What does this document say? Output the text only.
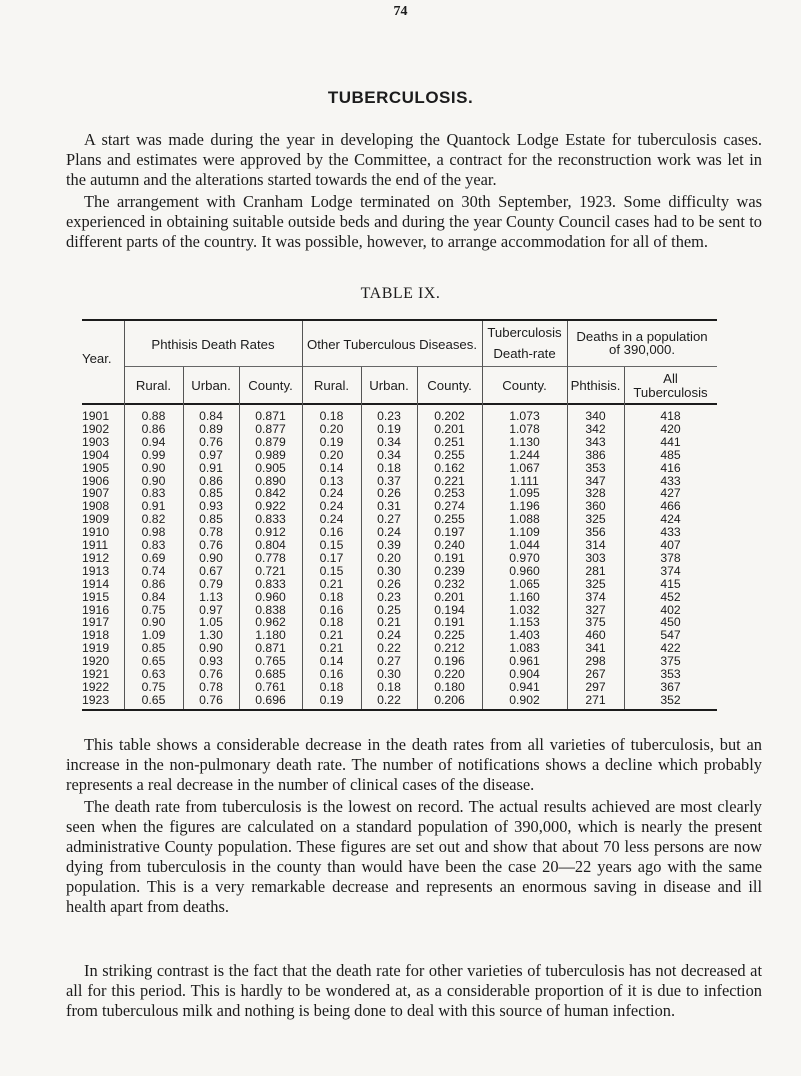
74
TUBERCULOSIS.

A start was made during the year in developing the Quantock Lodge Estate for tuberculosis cases. Plans and estimates were approved by the Committee, a contract for the reconstruction work was let in the autumn and the alterations started towards the end of the year.

The arrangement with Cranham Lodge terminated on 30th September, 1923. Some difficulty was experienced in obtaining suitable outside beds and during the year County Council cases had to be sent to different parts of the country. It was possible, however, to arrange accommodation for all of them.

TABLE IX.
Year.
Phthisis Death Rates	Other Tuberculous Diseases.
Tuberculosis
Death-rate
Deaths in a population
of 390,000.
Rural.	Urban.	County.	Rural.	Urban.	County.	County.	Phthisis.	All
Tuberculosis
1901	0.88	0.84	0.871	0.18	0.23	0.202	1.073	340	418
1902	0.86	0.89	0.877	0.20	0.19	0.201	1.078	342	420
1903	0.94	0.76	0.879	0.19	0.34	0.251	1.130	343	441
1904	0.99	0.97	0.989	0.20	0.34	0.255	1.244	386	485
1905	0.90	0.91	0.905	0.14	0.18	0.162	1.067	353	416
1906	0.90	0.86	0.890	0.13	0.37	0.221	1.111	347	433
1907	0.83	0.85	0.842	0.24	0.26	0.253	1.095	328	427
1908	0.91	0.93	0.922	0.24	0.31	0.274	1.196	360	466
1909	0.82	0.85	0.833	0.24	0.27	0.255	1.088	325	424
1910	0.98	0.78	0.912	0.16	0.24	0.197	1.109	356	433
1911	0.83	0.76	0.804	0.15	0.39	0.240	1.044	314	407
1912	0.69	0.90	0.778	0.17	0.20	0.191	0.970	303	378
1913	0.74	0.67	0.721	0.15	0.30	0.239	0.960	281	374
1914	0.86	0.79	0.833	0.21	0.26	0.232	1.065	325	415
1915	0.84	1.13	0.960	0.18	0.23	0.201	1.160	374	452
1916	0.75	0.97	0.838	0.16	0.25	0.194	1.032	327	402
1917	0.90	1.05	0.962	0.18	0.21	0.191	1.153	375	450
1918	1.09	1.30	1.180	0.21	0.24	0.225	1.403	460	547
1919	0.85	0.90	0.871	0.21	0.22	0.212	1.083	341	422
1920	0.65	0.93	0.765	0.14	0.27	0.196	0.961	298	375
1921	0.63	0.76	0.685	0.16	0.30	0.220	0.904	267	353
1922	0.75	0.78	0.761	0.18	0.18	0.180	0.941	297	367
1923	0.65	0.76	0.696	0.19	0.22	0.206	0.902	271	352

This table shows a considerable decrease in the death rates from all varieties of tuberculosis, but an increase in the non-pulmonary death rate. The number of notifications shows a decline which probably represents a real decrease in the number of clinical cases of the disease.

The death rate from tuberculosis is the lowest on record. The actual results achieved are most clearly seen when the figures are calculated on a standard population of 390,000, which is nearly the present administrative County population. These figures are set out and show that about 70 less persons are now dying from tuberculosis in the county than would have been the case 20—22 years ago with the same population. This is a very remarkable decrease and represents an enormous saving in disease and ill health apart from deaths.

In striking contrast is the fact that the death rate for other varieties of tuberculosis has not decreased at all for this period. This is hardly to be wondered at, as a considerable proportion of it is due to infection from tuberculous milk and nothing is being done to deal with this source of human infection.
